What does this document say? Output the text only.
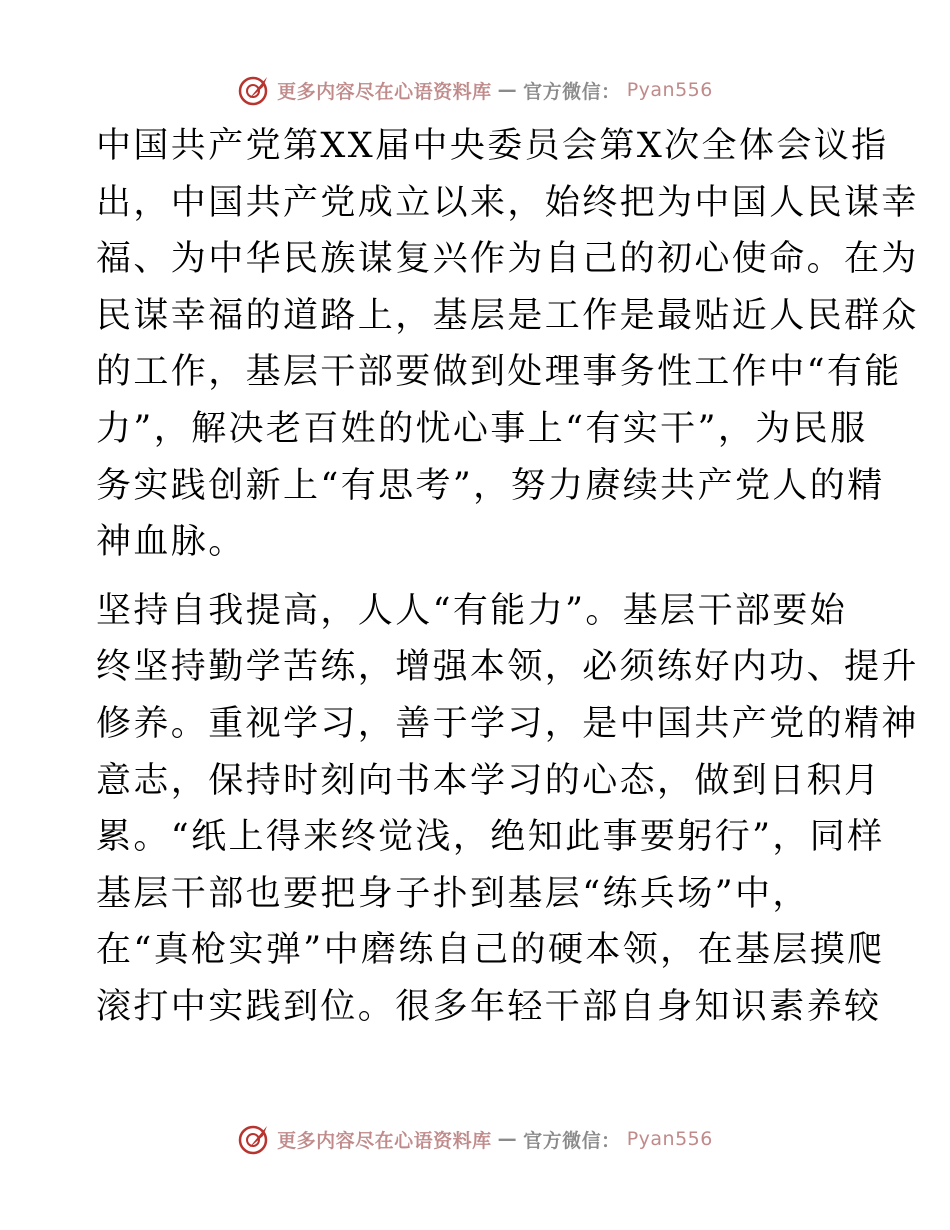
更多内容尽在心语资料库 — 官方微信： Pyan556

中国共产党第XX届中央委员会第X次全体会议指
出，中国共产党成立以来，始终把为中国人民谋幸
福、为中华民族谋复兴作为自己的初心使命。在为
民谋幸福的道路上，基层是工作是最贴近人民群众
的工作，基层干部要做到处理事务性工作中“有能
力”，解决老百姓的忧心事上“有实干”，为民服
务实践创新上“有思考”，努力赓续共产党人的精
神血脉。

坚持自我提高，人人“有能力”。基层干部要始
终坚持勤学苦练，增强本领，必须练好内功、提升
修养。重视学习，善于学习，是中国共产党的精神
意志，保持时刻向书本学习的心态，做到日积月
累。“纸上得来终觉浅，绝知此事要躬行”，同样
基层干部也要把身子扑到基层“练兵场”中，
在“真枪实弹”中磨练自己的硬本领，在基层摸爬
滚打中实践到位。很多年轻干部自身知识素养较

更多内容尽在心语资料库 — 官方微信： Pyan556
